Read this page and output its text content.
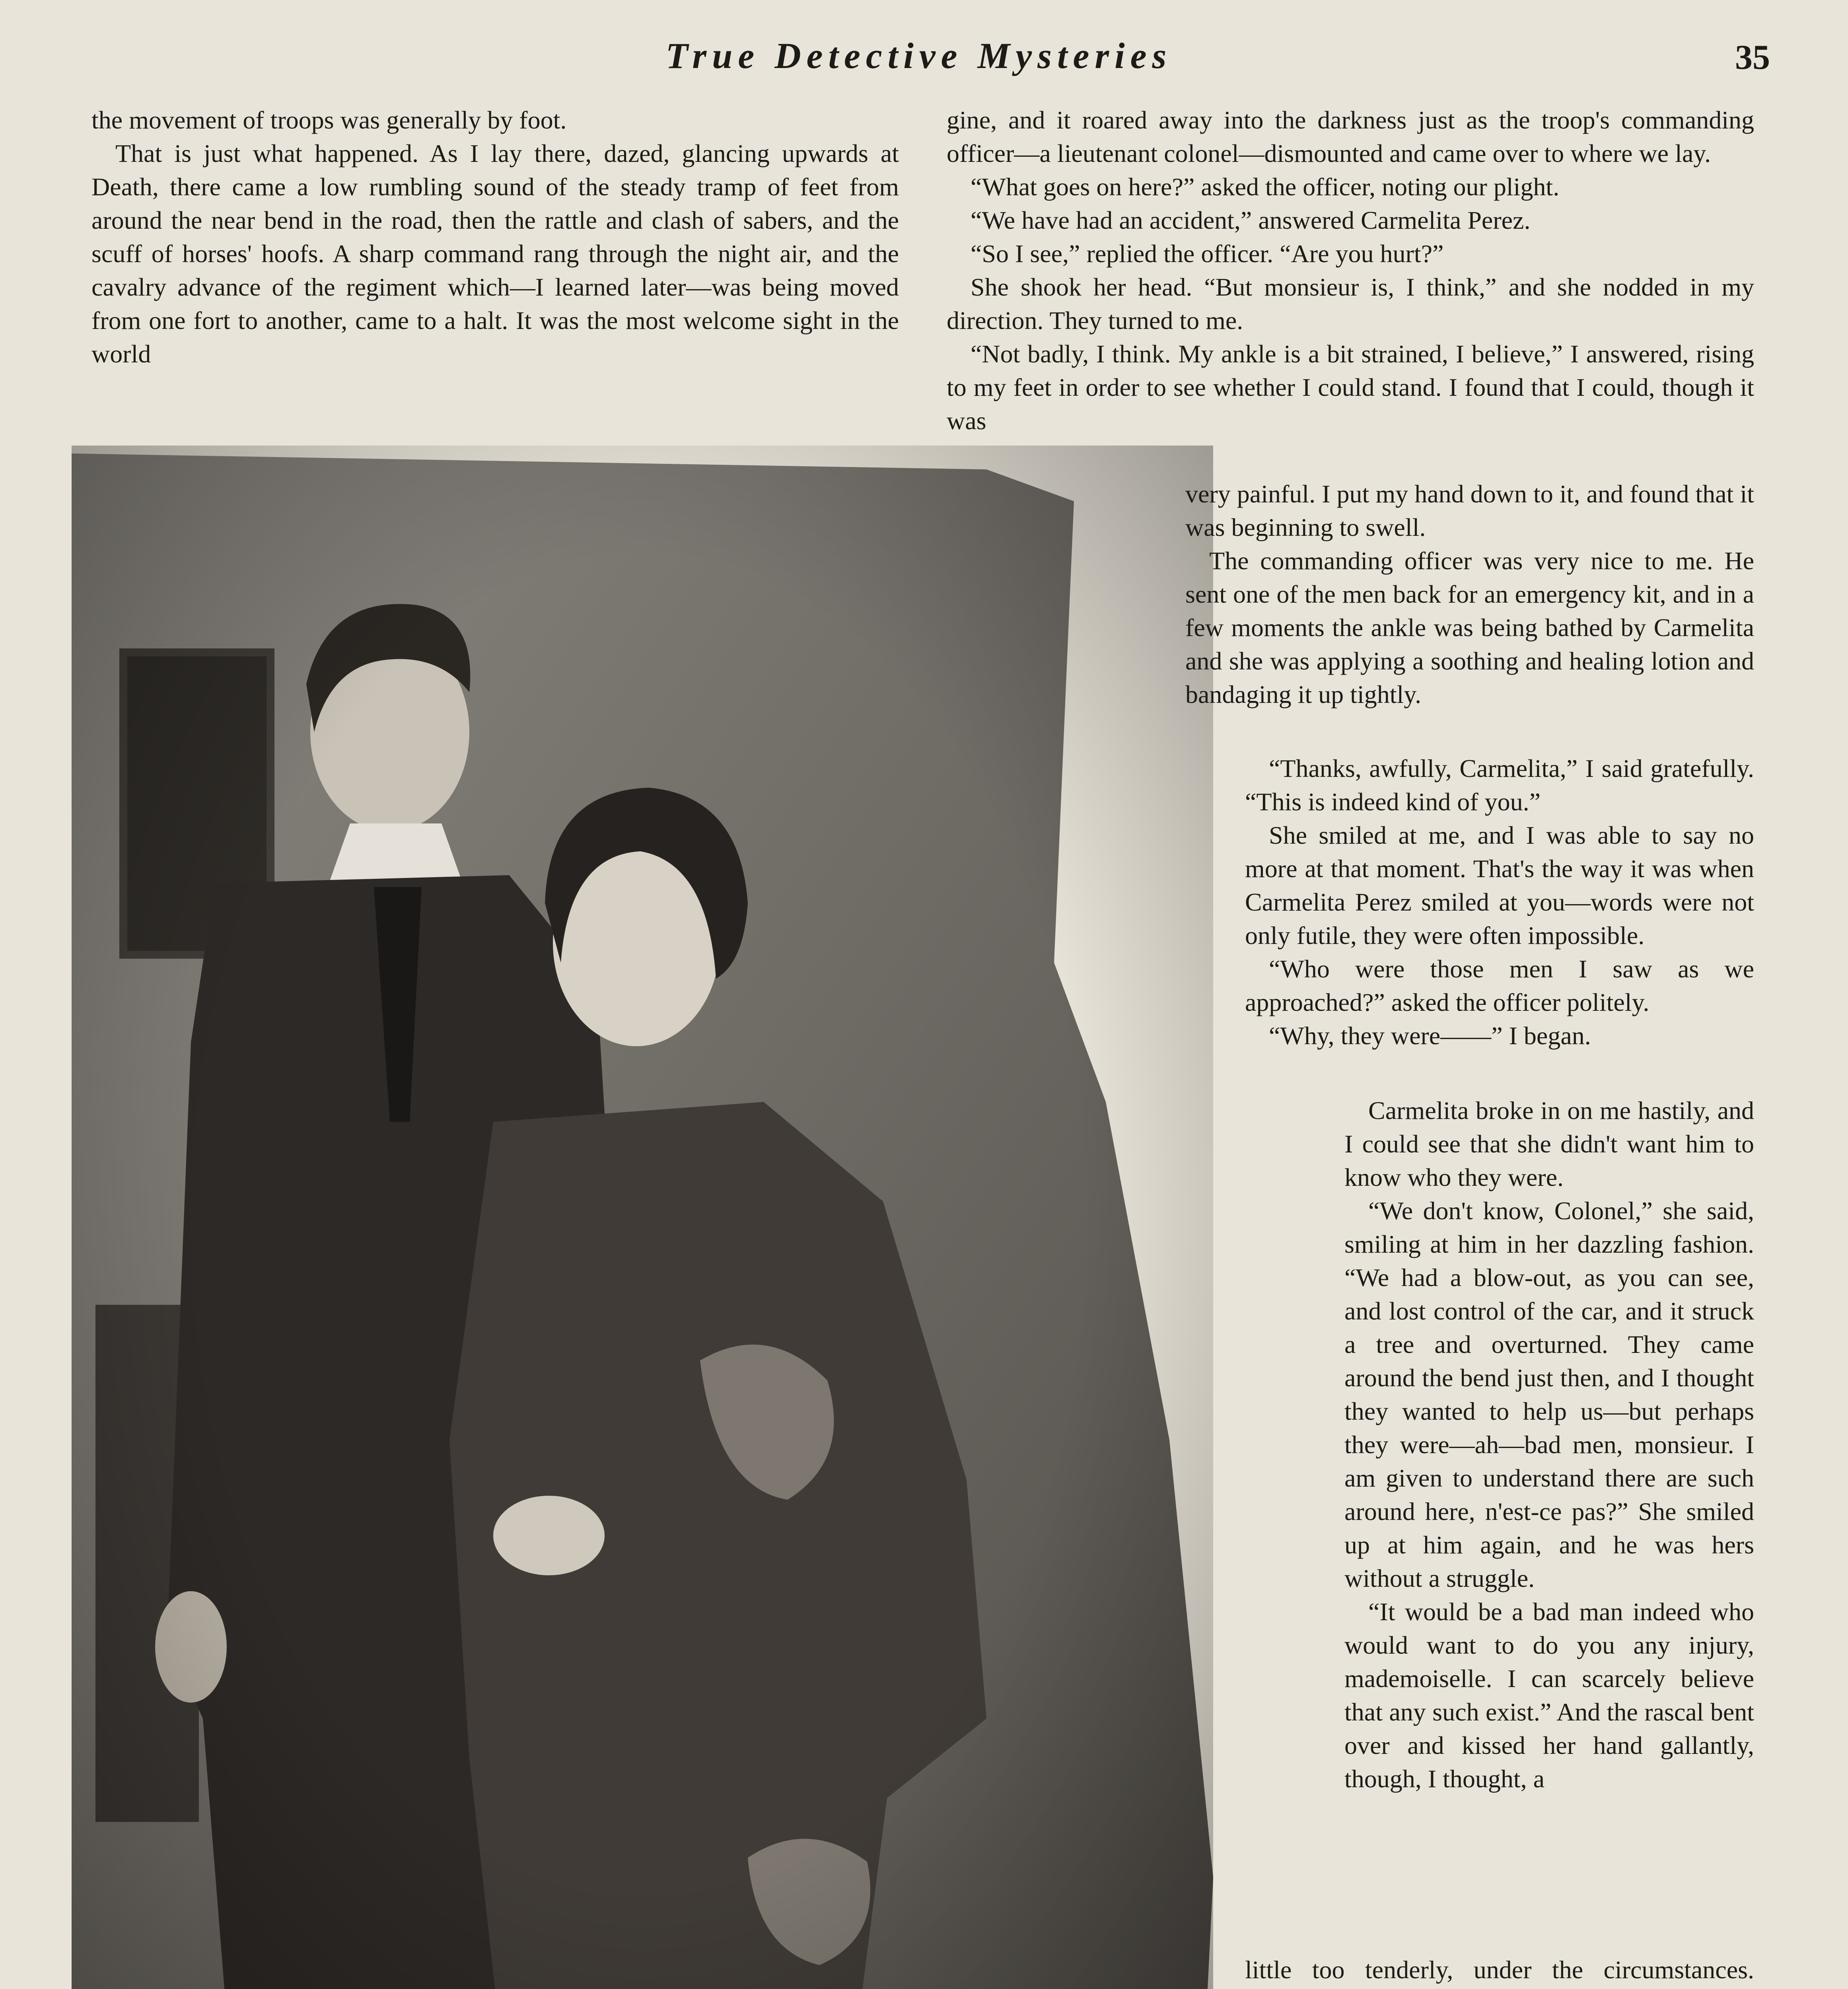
True Detective Mysteries	35

the movement of troops was generally by foot.

That is just what happened. As I lay there, dazed, glancing upwards at Death, there came a low rumbling sound of the steady tramp of feet from around the near bend in the road, then the rattle and clash of sabers, and the scuff of horses' hoofs. A sharp command rang through the night air, and the cavalry advance of the regiment which—I learned later—was being moved from one fort to another, came to a halt. It was the most welcome sight in the world

gine, and it roared away into the darkness just as the troop's commanding officer—a lieutenant colonel—dismounted and came over to where we lay.

“What goes on here?” asked the officer, noting our plight.

“We have had an accident,” answered Carmelita Perez.

“So I see,” replied the officer. “Are you hurt?”

She shook her head. “But monsieur is, I think,” and she nodded in my direction. They turned to me.

“Not badly, I think. My ankle is a bit strained, I believe,” I answered, rising to my feet in order to see whether I could stand. I found that I could, though it was

very painful. I put my hand down to it, and found that it was beginning to swell.

The commanding officer was very nice to me. He sent one of the men back for an emergency kit, and in a few moments the ankle was being bathed by Carmelita and she was applying a soothing and healing lotion and bandaging it up tightly.

“Thanks, awfully, Carmelita,” I said gratefully. “This is indeed kind of you.”

She smiled at me, and I was able to say no more at that moment. That's the way it was when Carmelita Perez smiled at you—words were not only futile, they were often impossible.

“Who were those men I saw as we approached?” asked the officer politely.

“Why, they were——” I began.

Carmelita broke in on me hastily, and I could see that she didn't want him to know who they were.

“We don't know, Colonel,” she said, smiling at him in her dazzling fashion. “We had a blow-out, as you can see, and lost control of the car, and it struck a tree and overturned. They came around the bend just then, and I thought they wanted to help us—but perhaps they were—ah—bad men, monsieur. I am given to understand there are such around here, n'est-ce pas?” She smiled up at him again, and he was hers without a struggle.

“It would be a bad man indeed who would want to do you any injury, mademoiselle. I can scarcely believe that any such exist.” And the rascal bent over and kissed her hand gallantly, though, I thought, a

little too tenderly, under the circumstances.
